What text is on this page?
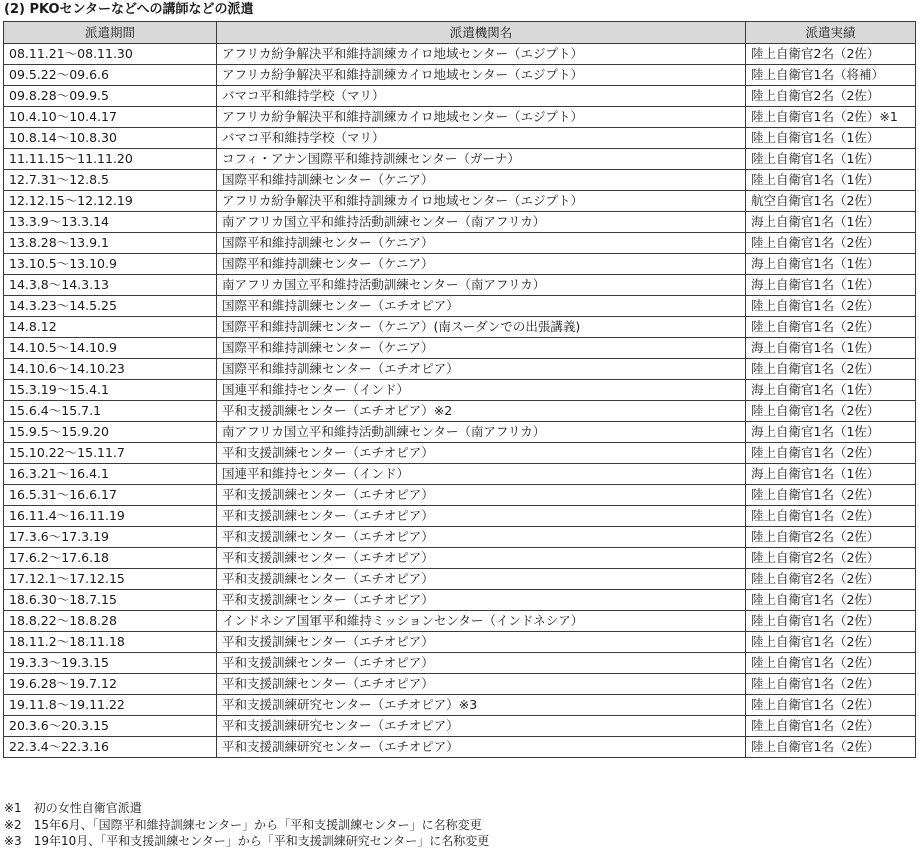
(2) PKOセンターなどへの講師などの派遣
派遣期間	派遣機関名	派遣実績
08.11.21～08.11.30	アフリカ紛争解決平和維持訓練カイロ地域センター（エジプト）	陸上自衛官2名（2佐）
09.5.22～09.6.6	アフリカ紛争解決平和維持訓練カイロ地域センター（エジプト）	陸上自衛官1名（将補）
09.8.28～09.9.5	バマコ平和維持学校（マリ）	陸上自衛官2名（2佐）
10.4.10～10.4.17	アフリカ紛争解決平和維持訓練カイロ地域センター（エジプト）	陸上自衛官1名（2佐）※1
10.8.14～10.8.30	バマコ平和維持学校（マリ）	陸上自衛官1名（1佐）
11.11.15～11.11.20	コフィ・アナン国際平和維持訓練センター（ガーナ）	陸上自衛官1名（1佐）
12.7.31～12.8.5	国際平和維持訓練センター（ケニア）	陸上自衛官1名（1佐）
12.12.15～12.12.19	アフリカ紛争解決平和維持訓練カイロ地域センター（エジプト）	航空自衛官1名（2佐）
13.3.9～13.3.14	南アフリカ国立平和維持活動訓練センター（南アフリカ）	海上自衛官1名（1佐）
13.8.28～13.9.1	国際平和維持訓練センター（ケニア）	陸上自衛官1名（2佐）
13.10.5～13.10.9	国際平和維持訓練センター（ケニア）	海上自衛官1名（1佐）
14.3.8～14.3.13	南アフリカ国立平和維持活動訓練センター（南アフリカ）	海上自衛官1名（1佐）
14.3.23～14.5.25	国際平和維持訓練センター（エチオピア）	陸上自衛官1名（2佐）
14.8.12	国際平和維持訓練センター（ケニア）(南スーダンでの出張講義)	陸上自衛官1名（2佐）
14.10.5～14.10.9	国際平和維持訓練センター（ケニア）	海上自衛官1名（1佐）
14.10.6～14.10.23	国際平和維持訓練センター（エチオピア）	陸上自衛官1名（2佐）
15.3.19～15.4.1	国連平和維持センター（インド）	海上自衛官1名（1佐）
15.6.4～15.7.1	平和支援訓練センター（エチオピア）※2	陸上自衛官1名（2佐）
15.9.5～15.9.20	南アフリカ国立平和維持活動訓練センター（南アフリカ）	海上自衛官1名（1佐）
15.10.22～15.11.7	平和支援訓練センター（エチオピア）	陸上自衛官1名（2佐）
16.3.21～16.4.1	国連平和維持センター（インド）	海上自衛官1名（1佐）
16.5.31～16.6.17	平和支援訓練センター（エチオピア）	陸上自衛官1名（2佐）
16.11.4～16.11.19	平和支援訓練センター（エチオピア）	陸上自衛官1名（2佐）
17.3.6～17.3.19	平和支援訓練センター（エチオピア）	陸上自衛官2名（2佐）
17.6.2～17.6.18	平和支援訓練センター（エチオピア）	陸上自衛官2名（2佐）
17.12.1～17.12.15	平和支援訓練センター（エチオピア）	陸上自衛官2名（2佐）
18.6.30～18.7.15	平和支援訓練センター（エチオピア）	陸上自衛官1名（2佐）
18.8.22～18.8.28	インドネシア国軍平和維持ミッションセンター（インドネシア）	陸上自衛官1名（2佐）
18.11.2～18.11.18	平和支援訓練センター（エチオピア）	陸上自衛官1名（2佐）
19.3.3～19.3.15	平和支援訓練センター（エチオピア）	陸上自衛官1名（2佐）
19.6.28～19.7.12	平和支援訓練センター（エチオピア）	陸上自衛官1名（2佐）
19.11.8～19.11.22	平和支援訓練研究センター（エチオピア）※3	陸上自衛官1名（2佐）
20.3.6～20.3.15	平和支援訓練研究センター（エチオピア）	陸上自衛官1名（2佐）
22.3.4～22.3.16	平和支援訓練研究センター（エチオピア）	陸上自衛官1名（2佐）
※1　初の女性自衛官派遣
※2　15年6月、「国際平和維持訓練センター」から「平和支援訓練センター」に名称変更
※3　19年10月、「平和支援訓練センター」から「平和支援訓練研究センター」に名称変更
